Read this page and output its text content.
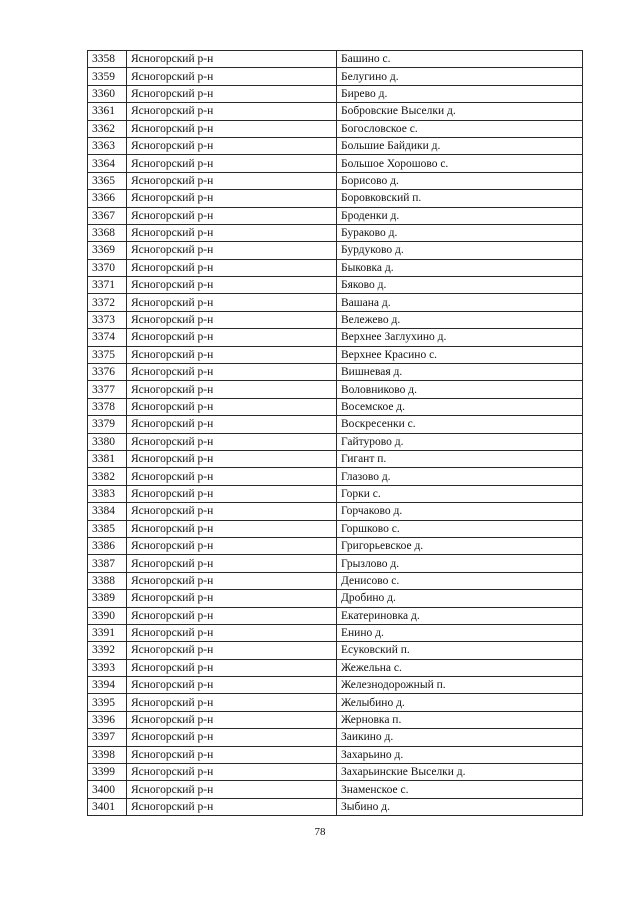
3358	Ясногорский р-н	Башино с.
3359	Ясногорский р-н	Белугино д.
3360	Ясногорский р-н	Бирево д.
3361	Ясногорский р-н	Бобровские Выселки д.
3362	Ясногорский р-н	Богословское с.
3363	Ясногорский р-н	Большие Байдики д.
3364	Ясногорский р-н	Большое Хорошово с.
3365	Ясногорский р-н	Борисово д.
3366	Ясногорский р-н	Боровковский п.
3367	Ясногорский р-н	Броденки д.
3368	Ясногорский р-н	Бураково д.
3369	Ясногорский р-н	Бурдуково д.
3370	Ясногорский р-н	Быковка д.
3371	Ясногорский р-н	Бяково д.
3372	Ясногорский р-н	Вашана д.
3373	Ясногорский р-н	Вележево д.
3374	Ясногорский р-н	Верхнее Заглухино д.
3375	Ясногорский р-н	Верхнее Красино с.
3376	Ясногорский р-н	Вишневая д.
3377	Ясногорский р-н	Воловниково д.
3378	Ясногорский р-н	Восемское д.
3379	Ясногорский р-н	Воскресенки с.
3380	Ясногорский р-н	Гайтурово д.
3381	Ясногорский р-н	Гигант п.
3382	Ясногорский р-н	Глазово д.
3383	Ясногорский р-н	Горки с.
3384	Ясногорский р-н	Горчаково д.
3385	Ясногорский р-н	Горшково с.
3386	Ясногорский р-н	Григорьевское д.
3387	Ясногорский р-н	Грызлово д.
3388	Ясногорский р-н	Денисово с.
3389	Ясногорский р-н	Дробино д.
3390	Ясногорский р-н	Екатериновка д.
3391	Ясногорский р-н	Енино д.
3392	Ясногорский р-н	Есуковский п.
3393	Ясногорский р-н	Жежельна с.
3394	Ясногорский р-н	Железнодорожный п.
3395	Ясногорский р-н	Желыбино д.
3396	Ясногорский р-н	Жерновка п.
3397	Ясногорский р-н	Заикино д.
3398	Ясногорский р-н	Захарьино д.
3399	Ясногорский р-н	Захарьинские Выселки д.
3400	Ясногорский р-н	Знаменское с.
3401	Ясногорский р-н	Зыбино д.
78
